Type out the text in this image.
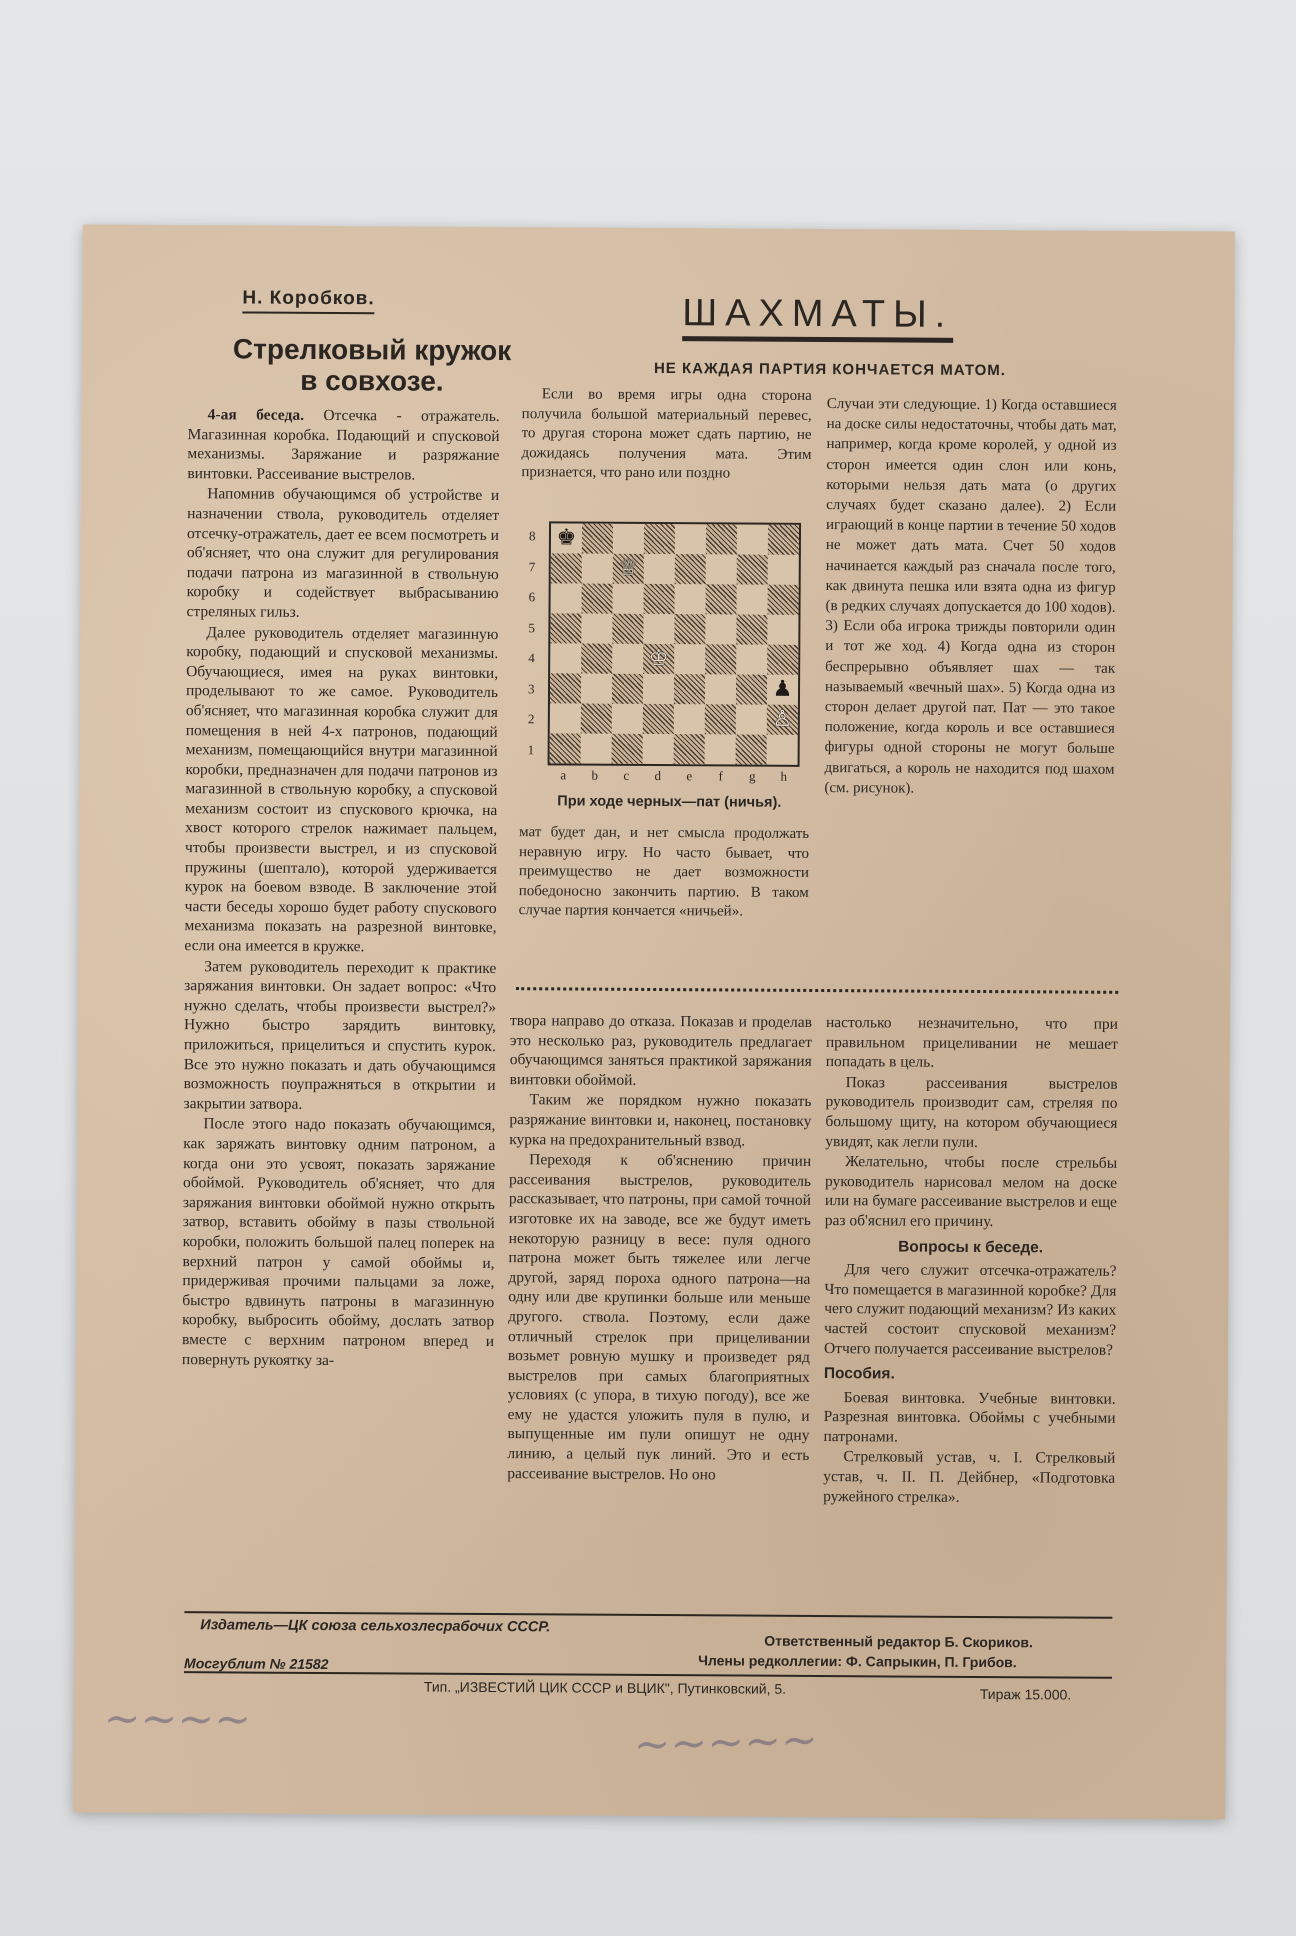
Н. Коробков.
Стрелковый кружок
в совхозе.
ШАХМАТЫ.
НЕ КАЖДАЯ ПАРТИЯ КОНЧАЕТСЯ МАТОМ.

4-ая беседа. Отсечка - отражатель. Магазинная коробка. Подающий и спусковой механизмы. Заряжание и разряжание винтовки. Рассеивание выстрелов.

Напомнив обучающимся об устройстве и назначении ствола, руководитель отделяет отсечку-отражатель, дает ее всем посмотреть и об'ясняет, что она служит для регулирования подачи патрона из магазинной в ствольную коробку и содействует выбрасыванию стреляных гильз.

Далее руководитель отделяет магазинную коробку, подающий и спусковой механизмы. Обучающиеся, имея на руках винтовки, проделывают то же самое. Руководитель об'ясняет, что магазинная коробка служит для помещения в ней 4-х патронов, подающий механизм, помещающийся внутри магазинной коробки, предназначен для подачи патронов из магазинной в ствольную коробку, а спусковой механизм состоит из спускового крючка, на хвост которого стрелок нажимает пальцем, чтобы произвести выстрел, и из спусковой пружины (шептало), которой удерживается курок на боевом взводе. В заключение этой части беседы хорошо будет работу спускового механизма показать на разрезной винтовке, если она имеется в кружке.

Затем руководитель переходит к практике заряжания винтовки. Он задает вопрос: «Что нужно сделать, чтобы произвести выстрел?» Нужно быстро зарядить винтовку, приложиться, прицелиться и спустить курок. Все это нужно показать и дать обучающимся возможность поупражняться в открытии и закрытии затвора.

После этого надо показать обучающимся, как заряжать винтовку одним патроном, а когда они это усвоят, показать заряжание обоймой. Руководитель об'ясняет, что для заряжания винтовки обоймой нужно открыть затвор, вставить обойму в пазы ствольной коробки, положить большой палец поперек на верхний патрон у самой обоймы и, придерживая прочими пальцами за ложе, быстро вдвинуть патроны в магазинную коробку, выбросить обойму, дослать затвор вместе с верхним патроном вперед и повернуть рукоятку за-

Если во время игры одна сторона получила большой материальный перевес, то другая сторона может сдать партию, не дожидаясь получения мата. Этим признается, что рано или поздно

8
7
6
5
4
3
2
1
♚
♕
♔
♟
♙
a	b	c	d	e	f	g	h
При ходе черных—пат (ничья).

мат будет дан, и нет смысла продолжать неравную игру. Но часто бывает, что преимущество не дает возможности победоносно закончить партию. В таком случае партия кончается «ничьей».

Случаи эти следующие. 1) Когда оставшиеся на доске силы недостаточны, чтобы дать мат, например, когда кроме королей, у одной из сторон имеется один слон или конь, которыми нельзя дать мата (о других случаях будет сказано далее). 2) Если играющий в конце партии в течение 50 ходов не может дать мата. Счет 50 ходов начинается каждый раз сначала после того, как двинута пешка или взята одна из фигур (в редких случаях допускается до 100 ходов). 3) Если оба игрока трижды повторили один и тот же ход. 4) Когда одна из сторон беспрерывно объявляет шах — так называемый «вечный шах». 5) Когда одна из сторон делает другой пат. Пат — это такое положение, когда король и все оставшиеся фигуры одной стороны не могут больше двигаться, а король не находится под шахом (см. рисунок).

твора направо до отказа. Показав и проделав это несколько раз, руководитель предлагает обучающимся заняться практикой заряжания винтовки обоймой.

Таким же порядком нужно показать разряжание винтовки и, наконец, постановку курка на предохранительный взвод.

Переходя к об'яснению причин рассеивания выстрелов, руководитель рассказывает, что патроны, при самой точной изготовке их на заводе, все же будут иметь некоторую разницу в весе: пуля одного патрона может быть тяжелее или легче другой, заряд пороха одного патрона—на одну или две крупинки больше или меньше другого. ствола. Поэтому, если даже отличный стрелок при прицеливании возьмет ровную мушку и произведет ряд выстрелов при самых благоприятных условиях (с упора, в тихую погоду), все же ему не удастся уложить пуля в пулю, и выпущенные им пули опишут не одну линию, а целый пук линий. Это и есть рассеивание выстрелов. Но оно

настолько незначительно, что при правильном прицеливании не мешает попадать в цель.

Показ рассеивания выстрелов руководитель производит сам, стреляя по большому щиту, на котором обучающиеся увидят, как легли пули.

Желательно, чтобы после стрельбы руководитель нарисовал мелом на доске или на бумаге рассеивание выстрелов и еще раз об'яснил его причину.

Вопросы к беседе.

Для чего служит отсечка-отражатель? Что помещается в магазинной коробке? Для чего служит подающий механизм? Из каких частей состоит спусковой механизм? Отчего получается рассеивание выстрелов?

Пособия.

Боевая винтовка. Учебные винтовки. Разрезная винтовка. Обоймы с учебными патронами.

Стрелковый устав, ч. I. Стрелковый устав, ч. II. П. Дейбнер, «Подготовка ружейного стрелка».

Издатель—ЦК союза сельхозлесрабочих СССР.
Ответственный редактор Б. Скориков.
Члены редколлегии: Ф. Сапрыкин, П. Грибов.
Мосгублит № 21582
Тип. „ИЗВЕСТИЙ ЦИК СССР и ВЦИК", Путинковский, 5.	Тираж 15.000.
~~~~	~~~~~
